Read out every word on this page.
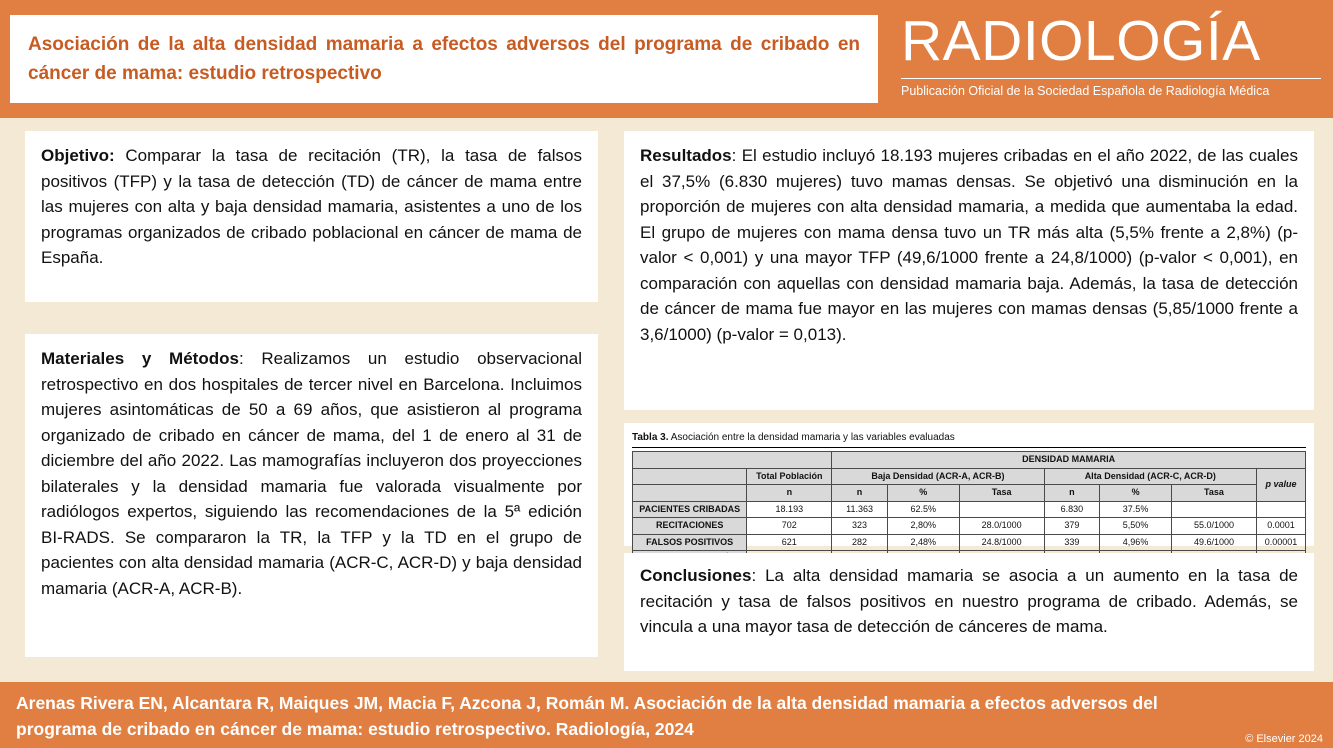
Asociación de la alta densidad mamaria a efectos adversos del programa de cribado en cáncer de mama: estudio retrospectivo

RADIOLOGÍA
Publicación Oficial de la Sociedad Española de Radiología Médica

Objetivo: Comparar la tasa de recitación (TR), la tasa de falsos positivos (TFP) y la tasa de detección (TD) de cáncer de mama entre las mujeres con alta y baja densidad mamaria, asistentes a uno de los programas organizados de cribado poblacional en cáncer de mama de España.

Materiales y Métodos: Realizamos un estudio observacional retrospectivo en dos hospitales de tercer nivel en Barcelona. Incluimos mujeres asintomáticas de 50 a 69 años, que asistieron al programa organizado de cribado en cáncer de mama, del 1 de enero al 31 de diciembre del año 2022. Las mamografías incluyeron dos proyecciones bilaterales y la densidad mamaria fue valorada visualmente por radiólogos expertos, siguiendo las recomendaciones de la 5ª edición BI-RADS. Se compararon la TR, la TFP y la TD en el grupo de pacientes con alta densidad mamaria (ACR-C, ACR-D) y baja densidad mamaria (ACR-A, ACR-B).

Resultados: El estudio incluyó 18.193 mujeres cribadas en el año 2022, de las cuales el 37,5% (6.830 mujeres) tuvo mamas densas. Se objetivó una disminución en la proporción de mujeres con alta densidad mamaria, a medida que aumentaba la edad. El grupo de mujeres con mama densa tuvo un TR más alta (5,5% frente a 2,8%) (p-valor < 0,001) y una mayor TFP (49,6/1000 frente a 24,8/1000) (p-valor < 0,001), en comparación con aquellas con densidad mamaria baja. Además, la tasa de detección de cáncer de mama fue mayor en las mujeres con mamas densas (5,85/1000 frente a 3,6/1000) (p-valor = 0,013).

Tabla 3. Asociación entre la densidad mamaria y las variables evaluadas
		DENSIDAD MAMARIA						
	Total Población	Baja Densidad (ACR-A, ACR-B)			Alta Densidad (ACR-C, ACR-D)			p value
	n	n	%	Tasa	n	%	Tasa	
PACIENTES CRIBADAS	18.193	11.363	62.5%		6.830	37.5%		
RECITACIONES	702	323	2,80%	28.0/1000	379	5,50%	55.0/1000	0.0001
FALSOS POSITIVOS	621	282	2,48%	24.8/1000	339	4,96%	49.6/1000	0.00001

Conclusiones: La alta densidad mamaria se asocia a un aumento en la tasa de recitación y tasa de falsos positivos en nuestro programa de cribado. Además, se vincula a una mayor tasa de detección de cánceres de mama.

Arenas Rivera EN, Alcantara R, Maiques JM, Macia F, Azcona J, Román M. Asociación de la alta densidad mamaria a efectos adversos del programa de cribado en cáncer de mama: estudio retrospectivo. Radiología, 2024	© Elsevier 2024
